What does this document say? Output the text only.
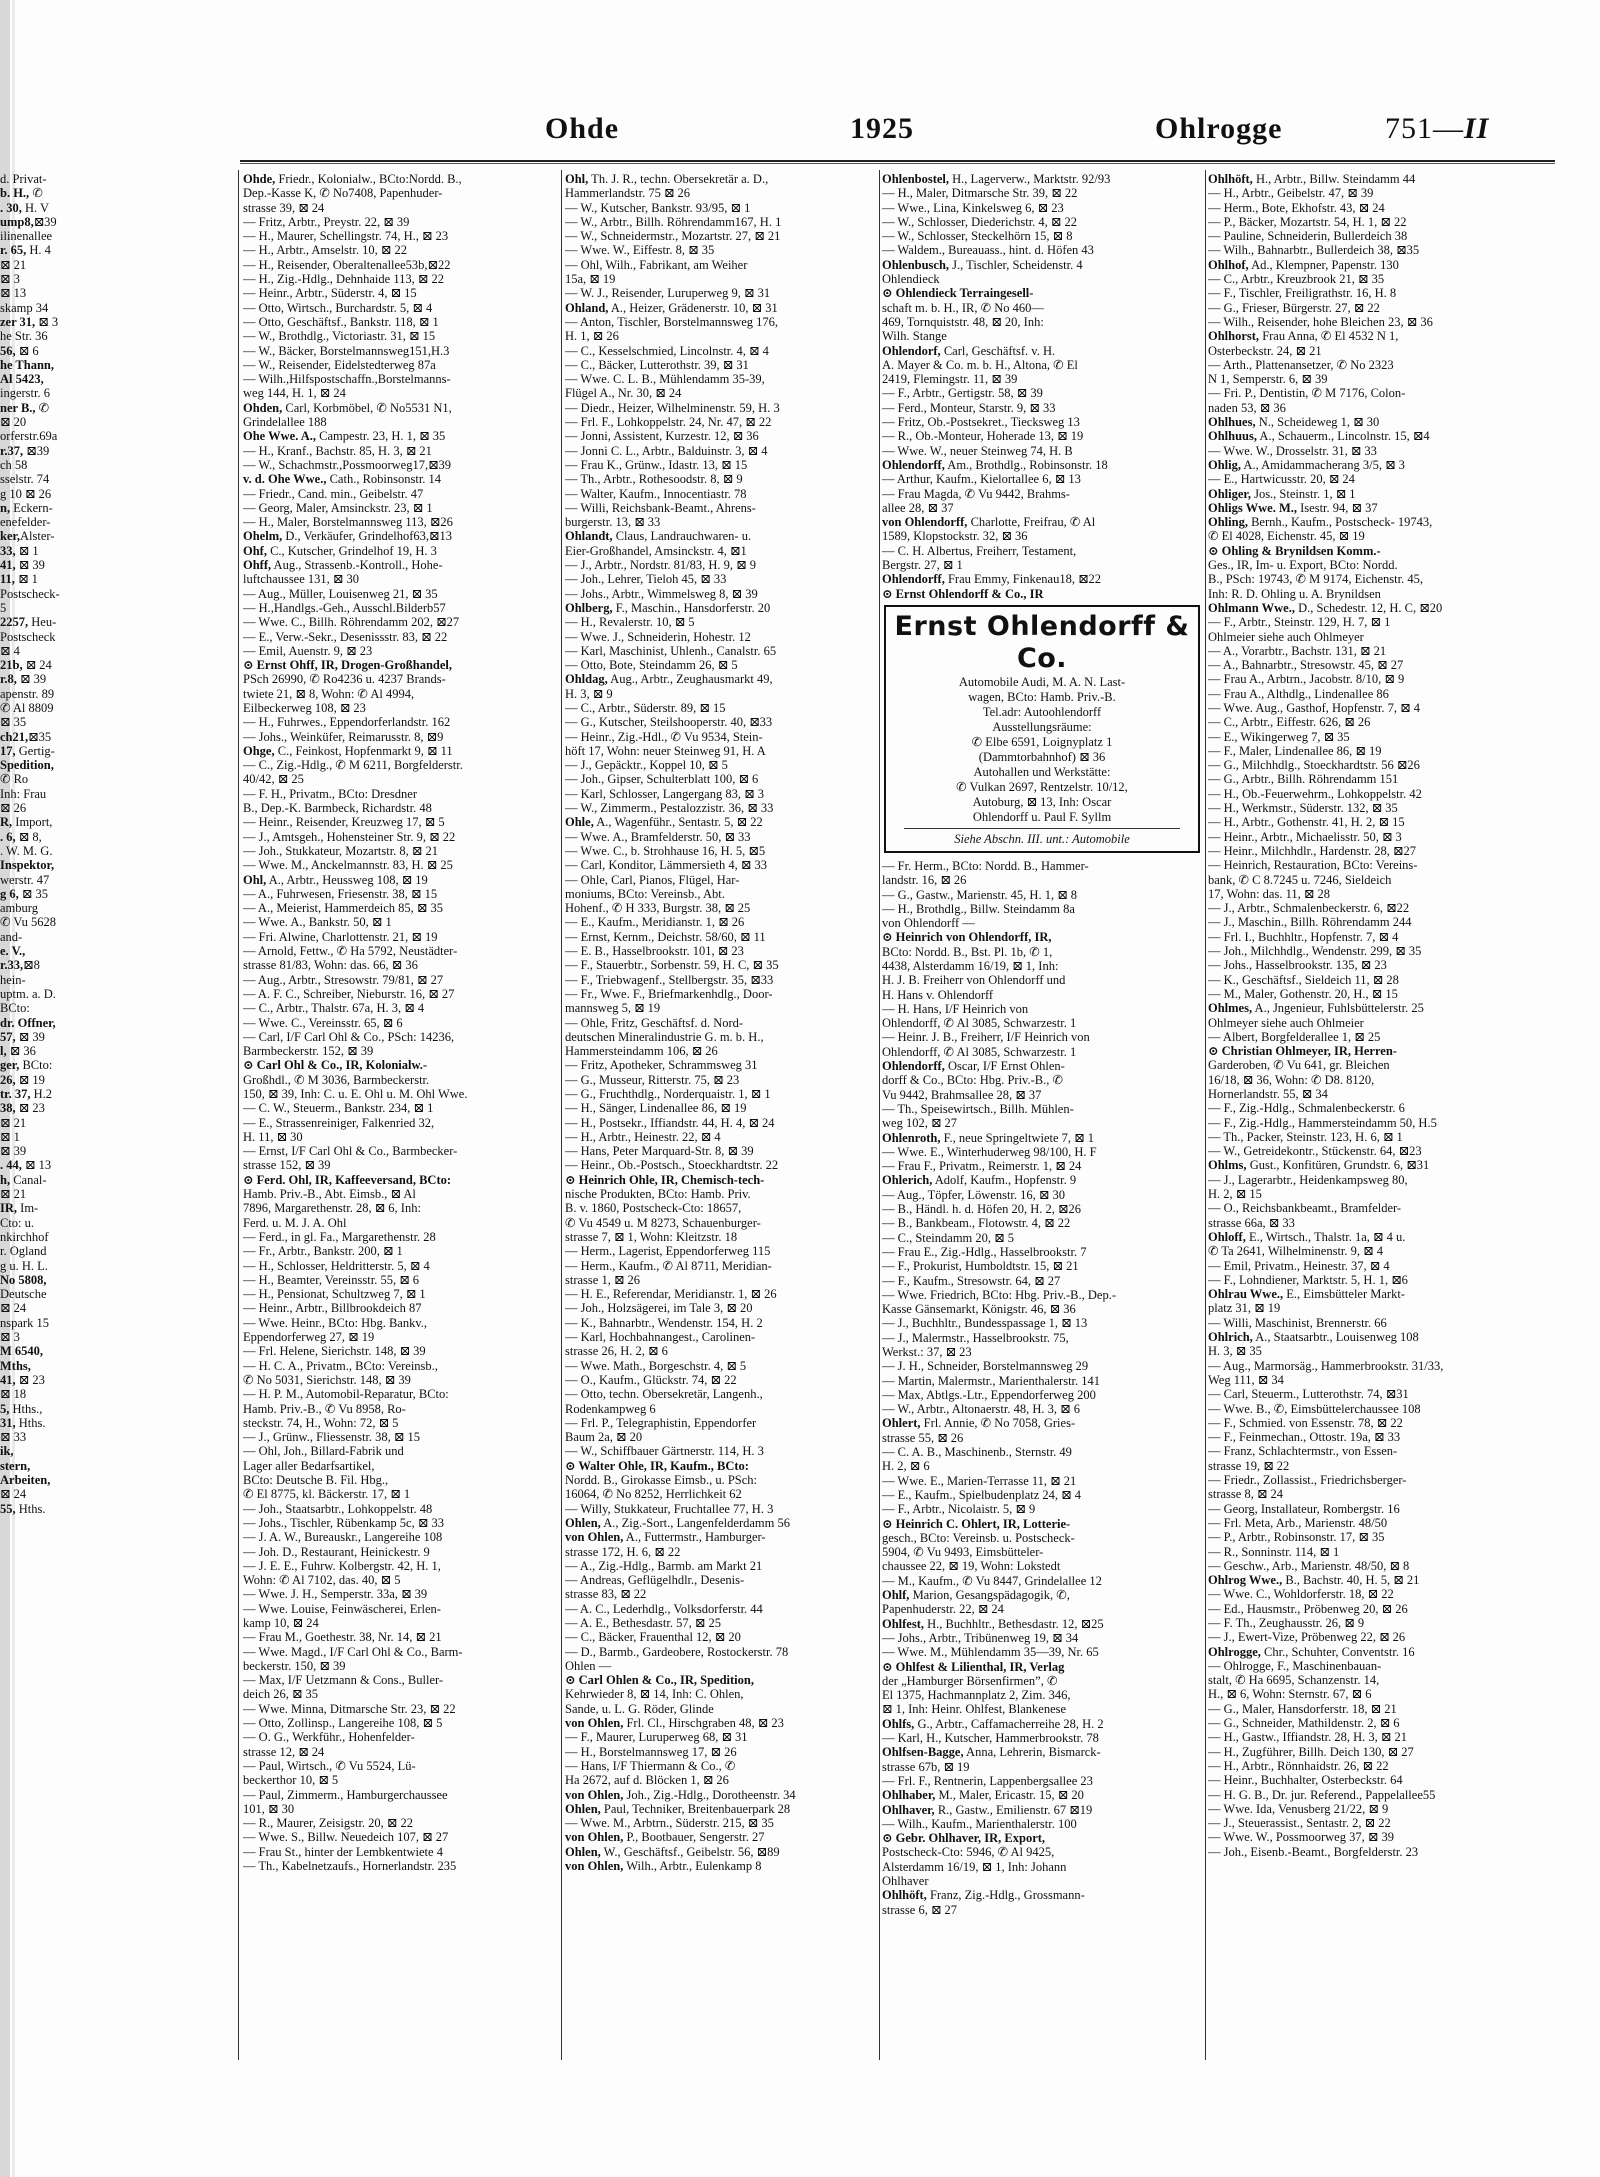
Ohde	1925	Ohlrogge	751—II
d. Privat-
b. H., ✆
. 30, H. V
ump8,⊠39
ilinenallee
r. 65, H. 4
⊠ 21
⊠ 3
⊠ 13
skamp 34
zer 31, ⊠ 3
he Str. 36
56, ⊠ 6
he Thann,
Al 5423,
ingerstr. 6
ner B., ✆
⊠ 20
orferstr.69a
r.37, ⊠39
ch 58
sselstr. 74
g 10 ⊠ 26
n, Eckern-
enefelder-
ker,Alster-
33, ⊠ 1
41, ⊠ 39
11, ⊠ 1
Postscheck-
5
2257, Heu-
Postscheck
⊠ 4
21b, ⊠ 24
r.8, ⊠ 39
apenstr. 89
✆ Al 8809
⊠ 35
ch21,⊠35
17, Gertig-
Spedition,
✆ Ro
Inh: Frau
⊠ 26
R, Import,
. 6, ⊠ 8,
. W. M. G.
Inspektor,
werstr. 47
g 6, ⊠ 35
amburg
✆ Vu 5628
and-
e. V.,
r.33,⊠8
hein-
uptm. a. D.
BCto:
dr. Offner,
57, ⊠ 39
l, ⊠ 36
ger, BCto:
26, ⊠ 19
tr. 37, H.2
38, ⊠ 23
⊠ 21
⊠ 1
⊠ 39
. 44, ⊠ 13
h, Canal-
⊠ 21
IR, Im-
Cto: u.
nkirchhof
r. Ogland
g u. H. L.
No 5808,
Deutsche
⊠ 24
nspark 15
⊠ 3
M 6540,
Mths,
41, ⊠ 23
⊠ 18
5, Hths.,
31, Hths.
⊠ 33
ik,
stern,
Arbeiten,
⊠ 24
55, Hths.
Ohde, Friedr., Kolonialw., BCto:Nordd. B.,
Dep.-Kasse K, ✆ No7408, Papenhuder-
strasse 39, ⊠ 24
— Fritz, Arbtr., Preystr. 22, ⊠ 39
— H., Maurer, Schellingstr. 74, H., ⊠ 23
— H., Arbtr., Amselstr. 10, ⊠ 22
— H., Reisender, Oberaltenallee53b,⊠22
— H., Zig.-Hdlg., Dehnhaide 113, ⊠ 22
— Heinr., Arbtr., Süderstr. 4, ⊠ 15
— Otto, Wirtsch., Burchardstr. 5, ⊠ 4
— Otto, Geschäftsf., Bankstr. 118, ⊠ 1
— W., Brothdlg., Victoriastr. 31, ⊠ 15
— W., Bäcker, Borstelmannsweg151,H.3
— W., Reisender, Eidelstedterweg 87a
— Wilh.,Hilfspostschaffn.,Borstelmanns-
weg 144, H. 1, ⊠ 24
Ohden, Carl, Korbmöbel, ✆ No5531 N1,
Grindelallee 188
Ohe Wwe. A., Campestr. 23, H. 1, ⊠ 35
— H., Kranf., Bachstr. 85, H. 3, ⊠ 21
— W., Schachmstr.,Possmoorweg17,⊠39
v. d. Ohe Wwe., Cath., Robinsonstr. 14
— Friedr., Cand. min., Geibelstr. 47
— Georg, Maler, Amsinckstr. 23, ⊠ 1
— H., Maler, Borstelmannsweg 113, ⊠26
Ohelm, D., Verkäufer, Grindelhof63,⊠13
Ohf, C., Kutscher, Grindelhof 19, H. 3
Ohff, Aug., Strassenb.-Kontroll., Hohe-
luftchaussee 131, ⊠ 30
— Aug., Müller, Louisenweg 21, ⊠ 35
— H.,Handlgs.-Geh., Ausschl.Bilderb57
— Wwe. C., Billh. Röhrendamm 202, ⊠27
— E., Verw.-Sekr., Desenissstr. 83, ⊠ 22
— Emil, Auenstr. 9, ⊠ 23
⊙ Ernst Ohff, IR, Drogen-Großhandel,
PSch 26990, ✆ Ro4236 u. 4237 Brands-
twiete 21, ⊠ 8, Wohn: ✆ Al 4994,
Eilbeckerweg 108, ⊠ 23
— H., Fuhrwes., Eppendorferlandstr. 162
— Johs., Weinküfer, Reimarusstr. 8, ⊠9
Ohge, C., Feinkost, Hopfenmarkt 9, ⊠ 11
— C., Zig.-Hdlg., ✆ M 6211, Borgfelderstr.
40/42, ⊠ 25
— F. H., Privatm., BCto: Dresdner
B., Dep.-K. Barmbeck, Richardstr. 48
— Heinr., Reisender, Kreuzweg 17, ⊠ 5
— J., Amtsgeh., Hohensteiner Str. 9, ⊠ 22
— Joh., Stukkateur, Mozartstr. 8, ⊠ 21
— Wwe. M., Anckelmannstr. 83, H. ⊠ 25
Ohl, A., Arbtr., Heussweg 108, ⊠ 19
— A., Fuhrwesen, Friesenstr. 38, ⊠ 15
— A., Meierist, Hammerdeich 85, ⊠ 35
— Wwe. A., Bankstr. 50, ⊠ 1
— Fri. Alwine, Charlottenstr. 21, ⊠ 19
— Arnold, Fettw., ✆ Ha 5792, Neustädter-
strasse 81/83, Wohn: das. 66, ⊠ 36
— Aug., Arbtr., Stresowstr. 79/81, ⊠ 27
— A. F. C., Schreiber, Nieburstr. 16, ⊠ 27
— C., Arbtr., Thalstr. 67a, H. 3, ⊠ 4
— Wwe. C., Vereinsstr. 65, ⊠ 6
— Carl, I/F Carl Ohl & Co., PSch: 14236,
Barmbeckerstr. 152, ⊠ 39
⊙ Carl Ohl & Co., IR, Kolonialw.-
Großhdl., ✆ M 3036, Barmbeckerstr.
150, ⊠ 39, Inh: C. u. E. Ohl u. M. Ohl Wwe.
— C. W., Steuerm., Bankstr. 234, ⊠ 1
— E., Strassenreiniger, Falkenried 32,
H. 11, ⊠ 30
— Ernst, I/F Carl Ohl & Co., Barmbecker-
strasse 152, ⊠ 39
⊙ Ferd. Ohl, IR, Kaffeeversand, BCto:
Hamb. Priv.-B., Abt. Eimsb., ⊠ Al
7896, Margarethenstr. 28, ⊠ 6, Inh:
Ferd. u. M. J. A. Ohl
— Ferd., in gl. Fa., Margarethenstr. 28
— Fr., Arbtr., Bankstr. 200, ⊠ 1
— H., Schlosser, Heldritterstr. 5, ⊠ 4
— H., Beamter, Vereinsstr. 55, ⊠ 6
— H., Pensionat, Schultzweg 7, ⊠ 1
— Heinr., Arbtr., Billbrookdeich 87
— Wwe. Heinr., BCto: Hbg. Bankv.,
Eppendorferweg 27, ⊠ 19
— Frl. Helene, Sierichstr. 148, ⊠ 39
— H. C. A., Privatm., BCto: Vereinsb.,
✆ No 5031, Sierichstr. 148, ⊠ 39
— H. P. M., Automobil-Reparatur, BCto:
Hamb. Priv.-B., ✆ Vu 8958, Ro-
steckstr. 74, H., Wohn: 72, ⊠ 5
— J., Grünw., Fliessenstr. 38, ⊠ 15
— Ohl, Joh., Billard-Fabrik und
Lager aller Bedarfsartikel,
BCto: Deutsche B. Fil. Hbg.,
✆ El 8775, kl. Bäckerstr. 17, ⊠ 1
— Joh., Staatsarbtr., Lohkoppelstr. 48
— Johs., Tischler, Rübenkamp 5c, ⊠ 33
— J. A. W., Bureauskr., Langereihe 108
— Joh. D., Restaurant, Heinickestr. 9
— J. E. E., Fuhrw. Kolbergstr. 42, H. 1,
Wohn: ✆ Al 7102, das. 40, ⊠ 5
— Wwe. J. H., Semperstr. 33a, ⊠ 39
— Wwe. Louise, Feinwäscherei, Erlen-
kamp 10, ⊠ 24
— Frau M., Goethestr. 38, Nr. 14, ⊠ 21
— Wwe. Magd., I/F Carl Ohl & Co., Barm-
beckerstr. 150, ⊠ 39
— Max, I/F Uetzmann & Cons., Buller-
deich 26, ⊠ 35
— Wwe. Minna, Ditmarsche Str. 23, ⊠ 22
— Otto, Zollinsp., Langereihe 108, ⊠ 5
— O. G., Werkführ., Hohenfelder-
strasse 12, ⊠ 24
— Paul, Wirtsch., ✆ Vu 5524, Lü-
beckerthor 10, ⊠ 5
— Paul, Zimmerm., Hamburgerchaussee
101, ⊠ 30
— R., Maurer, Zeisigstr. 20, ⊠ 22
— Wwe. S., Billw. Neuedeich 107, ⊠ 27
— Frau St., hinter der Lembkentwiete 4
— Th., Kabelnetzaufs., Hornerlandstr. 235
Ohl, Th. J. R., techn. Obersekretär a. D.,
Hammerlandstr. 75 ⊠ 26
— W., Kutscher, Bankstr. 93/95, ⊠ 1
— W., Arbtr., Billh. Röhrendamm167, H. 1
— W., Schneidermstr., Mozartstr. 27, ⊠ 21
— Wwe. W., Eiffestr. 8, ⊠ 35
— Ohl, Wilh., Fabrikant, am Weiher
15a, ⊠ 19
— W. J., Reisender, Luruperweg 9, ⊠ 31
Ohland, A., Heizer, Grädenerstr. 10, ⊠ 31
— Anton, Tischler, Borstelmannsweg 176,
H. 1, ⊠ 26
— C., Kesselschmied, Lincolnstr. 4, ⊠ 4
— C., Bäcker, Lutterothstr. 39, ⊠ 31
— Wwe. C. L. B., Mühlendamm 35-39,
Flügel A., Nr. 30, ⊠ 24
— Diedr., Heizer, Wilhelminenstr. 59, H. 3
— Frl. F., Lohkoppelstr. 24, Nr. 47, ⊠ 22
— Jonni, Assistent, Kurzestr. 12, ⊠ 36
— Jonni C. L., Arbtr., Balduinstr. 3, ⊠ 4
— Frau K., Grünw., Idastr. 13, ⊠ 15
— Th., Arbtr., Rothesoodstr. 8, ⊠ 9
— Walter, Kaufm., Innocentiastr. 78
— Willi, Reichsbank-Beamt., Ahrens-
burgerstr. 13, ⊠ 33
Ohlandt, Claus, Landrauchwaren- u.
Eier-Großhandel, Amsinckstr. 4, ⊠1
— J., Arbtr., Nordstr. 81/83, H. 9, ⊠ 9
— Joh., Lehrer, Tieloh 45, ⊠ 33
— Johs., Arbtr., Wimmelsweg 8, ⊠ 39
Ohlberg, F., Maschin., Hansdorferstr. 20
— H., Revalerstr. 10, ⊠ 5
— Wwe. J., Schneiderin, Hohestr. 12
— Karl, Maschinist, Uhlenh., Canalstr. 65
— Otto, Bote, Steindamm 26, ⊠ 5
Ohldag, Aug., Arbtr., Zeughausmarkt 49,
H. 3, ⊠ 9
— C., Arbtr., Süderstr. 89, ⊠ 15
— G., Kutscher, Steilshooperstr. 40, ⊠33
— Heinr., Zig.-Hdl., ✆ Vu 9534, Stein-
höft 17, Wohn: neuer Steinweg 91, H. A
— J., Gepäcktr., Koppel 10, ⊠ 5
— Joh., Gipser, Schulterblatt 100, ⊠ 6
— Karl, Schlosser, Langergang 83, ⊠ 3
— W., Zimmerm., Pestalozzistr. 36, ⊠ 33
Ohle, A., Wagenführ., Sentastr. 5, ⊠ 22
— Wwe. A., Bramfelderstr. 50, ⊠ 33
— Wwe. C., b. Strohhause 16, H. 5, ⊠5
— Carl, Konditor, Lämmersieth 4, ⊠ 33
— Ohle, Carl, Pianos, Flügel, Har-
moniums, BCto: Vereinsb., Abt.
Hohenf., ✆ H 333, Burgstr. 38, ⊠ 25
— E., Kaufm., Meridianstr. 1, ⊠ 26
— Ernst, Kernm., Deichstr. 58/60, ⊠ 11
— E. B., Hasselbrookstr. 101, ⊠ 23
— F., Stauerbtr., Sorbenstr. 59, H. C, ⊠ 35
— F., Triebwagenf., Stellbergstr. 35, ⊠33
— Fr., Wwe. F., Briefmarkenhdlg., Door-
mannsweg 5, ⊠ 19
— Ohle, Fritz, Geschäftsf. d. Nord-
deutschen Mineralindustrie G. m. b. H.,
Hammersteindamm 106, ⊠ 26
— Fritz, Apotheker, Schrammsweg 31
— G., Musseur, Ritterstr. 75, ⊠ 23
— G., Fruchthdlg., Norderquaistr. 1, ⊠ 1
— H., Sänger, Lindenallee 86, ⊠ 19
— H., Postsekr., Iffiandstr. 44, H. 4, ⊠ 24
— H., Arbtr., Heinestr. 22, ⊠ 4
— Hans, Peter Marquard-Str. 8, ⊠ 39
— Heinr., Ob.-Postsch., Stoeckhardtstr. 22
⊙ Heinrich Ohle, IR, Chemisch-tech-
nische Produkten, BCto: Hamb. Priv.
B. v. 1860, Postscheck-Cto: 18657,
✆ Vu 4549 u. M 8273, Schauenburger-
strasse 7, ⊠ 1, Wohn: Kleitzstr. 18
— Herm., Lagerist, Eppendorferweg 115
— Herm., Kaufm., ✆ Al 8711, Meridian-
strasse 1, ⊠ 26
— H. E., Referendar, Meridianstr. 1, ⊠ 26
— Joh., Holzsägerei, im Tale 3, ⊠ 20
— K., Bahnarbtr., Wendenstr. 154, H. 2
— Karl, Hochbahnangest., Carolinen-
strasse 26, H. 2, ⊠ 6
— Wwe. Math., Borgeschstr. 4, ⊠ 5
— O., Kaufm., Glückstr. 74, ⊠ 22
— Otto, techn. Obersekretär, Langenh.,
Rodenkampweg 6
— Frl. P., Telegraphistin, Eppendorfer
Baum 2a, ⊠ 20
— W., Schiffbauer Gärtnerstr. 114, H. 3
⊙ Walter Ohle, IR, Kaufm., BCto:
Nordd. B., Girokasse Eimsb., u. PSch:
16064, ✆ No 8252, Herrlichkeit 62
— Willy, Stukkateur, Fruchtallee 77, H. 3
Ohlen, A., Zig.-Sort., Langenfelderdamm 56
von Ohlen, A., Futtermstr., Hamburger-
strasse 172, H. 6, ⊠ 22
— A., Zig.-Hdlg., Barmb. am Markt 21
— Andreas, Geflügelhdlr., Desenis-
strasse 83, ⊠ 22
— A. C., Lederhdlg., Volksdorferstr. 44
— A. E., Bethesdastr. 57, ⊠ 25
— C., Bäcker, Frauenthal 12, ⊠ 20
— D., Barmb., Gardeobere, Rostockerstr. 78
Ohlen —
⊙ Carl Ohlen & Co., IR, Spedition,
Kehrwieder 8, ⊠ 14, Inh: C. Ohlen,
Sande, u. L. G. Röder, Glinde
von Ohlen, Frl. Cl., Hirschgraben 48, ⊠ 23
— F., Maurer, Luruperweg 68, ⊠ 31
— H., Borstelmannsweg 17, ⊠ 26
— Hans, I/F Thiermann & Co., ✆
Ha 2672, auf d. Blöcken 1, ⊠ 26
von Ohlen, Joh., Zig.-Hdlg., Dorotheenstr. 34
Ohlen, Paul, Techniker, Breitenbauerpark 28
— Wwe. M., Arbtrn., Süderstr. 215, ⊠ 35
von Ohlen, P., Bootbauer, Sengerstr. 27
Ohlen, W., Geschäftsf., Geibelstr. 56, ⊠89
von Ohlen, Wilh., Arbtr., Eulenkamp 8
Ohlenbostel, H., Lagerverw., Marktstr. 92/93
— H., Maler, Ditmarsche Str. 39, ⊠ 22
— Wwe., Lina, Kinkelsweg 6, ⊠ 23
— W., Schlosser, Diederichstr. 4, ⊠ 22
— W., Schlosser, Steckelhörn 15, ⊠ 8
— Waldem., Bureauass., hint. d. Höfen 43
Ohlenbusch, J., Tischler, Scheidenstr. 4
Ohlendieck
⊙ Ohlendieck Terraingesell-
schaft m. b. H., IR, ✆ No 460—
469, Tornquiststr. 48, ⊠ 20, Inh:
Wilh. Stange
Ohlendorf, Carl, Geschäftsf. v. H.
A. Mayer & Co. m. b. H., Altona, ✆ El
2419, Flemingstr. 11, ⊠ 39
— F., Arbtr., Gertigstr. 58, ⊠ 39
— Ferd., Monteur, Starstr. 9, ⊠ 33
— Fritz, Ob.-Postsekret., Tiecksweg 13
— R., Ob.-Monteur, Hoherade 13, ⊠ 19
— Wwe. W., neuer Steinweg 74, H. B
Ohlendorff, Am., Brothdlg., Robinsonstr. 18
— Arthur, Kaufm., Kielortallee 6, ⊠ 13
— Frau Magda, ✆ Vu 9442, Brahms-
allee 28, ⊠ 37
von Ohlendorff, Charlotte, Freifrau, ✆ Al
1589, Klopstockstr. 32, ⊠ 36
— C. H. Albertus, Freiherr, Testament,
Bergstr. 27, ⊠ 1
Ohlendorff, Frau Emmy, Finkenau18, ⊠22
⊙ Ernst Ohlendorff & Co., IR
Ernst Ohlendorff & Co.
Automobile Audi, M. A. N. Last-
wagen, BCto: Hamb. Priv.-B.
Tel.adr: Autoohlendorff
Ausstellungsräume:
✆ Elbe 6591, Loignyplatz 1
(Dammtorbahnhof) ⊠ 36
Autohallen und Werkstätte:
✆ Vulkan 2697, Rentzelstr. 10/12,
Autoburg, ⊠ 13, Inh: Oscar
Ohlendorff u. Paul F. Syllm
Siehe Abschn. III. unt.: Automobile
— Fr. Herm., BCto: Nordd. B., Hammer-
landstr. 16, ⊠ 26
— G., Gastw., Marienstr. 45, H. 1, ⊠ 8
— H., Brothdlg., Billw. Steindamm 8a
von Ohlendorff —
⊙ Heinrich von Ohlendorff, IR,
BCto: Nordd. B., Bst. Pl. 1b, ✆ 1,
4438, Alsterdamm 16/19, ⊠ 1, Inh:
H. J. B. Freiherr von Ohlendorff und
H. Hans v. Ohlendorff
— H. Hans, I/F Heinrich von
Ohlendorff, ✆ Al 3085, Schwarzestr. 1
— Heinr. J. B., Freiherr, I/F Heinrich von
Ohlendorff, ✆ Al 3085, Schwarzestr. 1
Ohlendorff, Oscar, I/F Ernst Ohlen-
dorff & Co., BCto: Hbg. Priv.-B., ✆
Vu 9442, Brahmsallee 28, ⊠ 37
— Th., Speisewirtsch., Billh. Mühlen-
weg 102, ⊠ 27
Ohlenroth, F., neue Springeltwiete 7, ⊠ 1
— Wwe. E., Winterhuderweg 98/100, H. F
— Frau F., Privatm., Reimerstr. 1, ⊠ 24
Ohlerich, Adolf, Kaufm., Hopfenstr. 9
— Aug., Töpfer, Löwenstr. 16, ⊠ 30
— B., Händl. h. d. Höfen 20, H. 2, ⊠26
— B., Bankbeam., Flotowstr. 4, ⊠ 22
— C., Steindamm 20, ⊠ 5
— Frau E., Zig.-Hdlg., Hasselbrookstr. 7
— F., Prokurist, Humboldtstr. 15, ⊠ 21
— F., Kaufm., Stresowstr. 64, ⊠ 27
— Wwe. Friedrich, BCto: Hbg. Priv.-B., Dep.-
Kasse Gänsemarkt, Königstr. 46, ⊠ 36
— J., Buchhltr., Bundesspassage 1, ⊠ 13
— J., Malermstr., Hasselbrookstr. 75,
Werkst.: 37, ⊠ 23
— J. H., Schneider, Borstelmannsweg 29
— Martin, Malermstr., Marienthalerstr. 141
— Max, Abtlgs.-Ltr., Eppendorferweg 200
— W., Arbtr., Altonaerstr. 48, H. 3, ⊠ 6
Ohlert, Frl. Annie, ✆ No 7058, Gries-
strasse 55, ⊠ 26
— C. A. B., Maschinenb., Sternstr. 49
H. 2, ⊠ 6
— Wwe. E., Marien-Terrasse 11, ⊠ 21
— E., Kaufm., Spielbudenplatz 24, ⊠ 4
— F., Arbtr., Nicolaistr. 5, ⊠ 9
⊙ Heinrich C. Ohlert, IR, Lotterie-
gesch., BCto: Vereinsb. u. Postscheck-
5904, ✆ Vu 9493, Eimsbütteler-
chaussee 22, ⊠ 19, Wohn: Lokstedt
— M., Kaufm., ✆ Vu 8447, Grindelallee 12
Ohlf, Marion, Gesangspädagogik, ✆,
Papenhuderstr. 22, ⊠ 24
Ohlfest, H., Buchhltr., Bethesdastr. 12, ⊠25
— Johs., Arbtr., Tribünenweg 19, ⊠ 34
— Wwe. M., Mühlendamm 35—39, Nr. 65
⊙ Ohlfest & Lilienthal, IR, Verlag
der „Hamburger Börsenfirmen”, ✆
El 1375, Hachmannplatz 2, Zim. 346,
⊠ 1, Inh: Heinr. Ohlfest, Blankenese
Ohlfs, G., Arbtr., Caffamacherreihe 28, H. 2
— Karl, H., Kutscher, Hammerbrookstr. 78
Ohlfsen-Bagge, Anna, Lehrerin, Bismarck-
strasse 67b, ⊠ 19
— Frl. F., Rentnerin, Lappenbergsallee 23
Ohlhaber, M., Maler, Ericastr. 15, ⊠ 20
Ohlhaver, R., Gastw., Emilienstr. 67 ⊠19
— Wilh., Kaufm., Marienthalerstr. 100
⊙ Gebr. Ohlhaver, IR, Export,
Postscheck-Cto: 5946, ✆ Al 9425,
Alsterdamm 16/19, ⊠ 1, Inh: Johann
Ohlhaver
Ohlhöft, Franz, Zig.-Hdlg., Grossmann-
strasse 6, ⊠ 27
Ohlhöft, H., Arbtr., Billw. Steindamm 44
— H., Arbtr., Geibelstr. 47, ⊠ 39
— Herm., Bote, Ekhofstr. 43, ⊠ 24
— P., Bäcker, Mozartstr. 54, H. 1, ⊠ 22
— Pauline, Schneiderin, Bullerdeich 38
— Wilh., Bahnarbtr., Bullerdeich 38, ⊠35
Ohlhof, Ad., Klempner, Papenstr. 130
— C., Arbtr., Kreuzbrook 21, ⊠ 35
— F., Tischler, Freiligrathstr. 16, H. 8
— G., Frieser, Bürgerstr. 27, ⊠ 22
— Wilh., Reisender, hohe Bleichen 23, ⊠ 36
Ohlhorst, Frau Anna, ✆ El 4532 N 1,
Osterbeckstr. 24, ⊠ 21
— Arth., Plattenansetzer, ✆ No 2323
N 1, Semperstr. 6, ⊠ 39
— Fri. P., Dentistin, ✆ M 7176, Colon-
naden 53, ⊠ 36
Ohlhues, N., Scheideweg 1, ⊠ 30
Ohlhuus, A., Schauerm., Lincolnstr. 15, ⊠4
— Wwe. W., Drosselstr. 31, ⊠ 33
Ohlig, A., Amidammacherang 3/5, ⊠ 3
— E., Hartwicusstr. 20, ⊠ 24
Ohliger, Jos., Steinstr. 1, ⊠ 1
Ohligs Wwe. M., Isestr. 94, ⊠ 37
Ohling, Bernh., Kaufm., Postscheck- 19743,
✆ El 4028, Eichenstr. 45, ⊠ 19
⊙ Ohling & Brynildsen Komm.-
Ges., IR, Im- u. Export, BCto: Nordd.
B., PSch: 19743, ✆ M 9174, Eichenstr. 45,
Inh: R. D. Ohling u. A. Brynildsen
Ohlmann Wwe., D., Schedestr. 12, H. C, ⊠20
— F., Arbtr., Steinstr. 129, H. 7, ⊠ 1
Ohlmeier siehe auch Ohlmeyer
— A., Vorarbtr., Bachstr. 131, ⊠ 21
— A., Bahnarbtr., Stresowstr. 45, ⊠ 27
— Frau A., Arbtrn., Jacobstr. 8/10, ⊠ 9
— Frau A., Althdlg., Lindenallee 86
— Wwe. Aug., Gasthof, Hopfenstr. 7, ⊠ 4
— C., Arbtr., Eiffestr. 626, ⊠ 26
— E., Wikingerweg 7, ⊠ 35
— F., Maler, Lindenallee 86, ⊠ 19
— G., Milchhdlg., Stoeckhardtstr. 56 ⊠26
— G., Arbtr., Billh. Röhrendamm 151
— H., Ob.-Feuerwehrm., Lohkoppelstr. 42
— H., Werkmstr., Süderstr. 132, ⊠ 35
— H., Arbtr., Gothenstr. 41, H. 2, ⊠ 15
— Heinr., Arbtr., Michaelisstr. 50, ⊠ 3
— Heinr., Milchhdlr., Hardenstr. 28, ⊠27
— Heinrich, Restauration, BCto: Vereins-
bank, ✆ C 8.7245 u. 7246, Sieldeich
17, Wohn: das. 11, ⊠ 28
— J., Arbtr., Schmalenbeckerstr. 6, ⊠22
— J., Maschin., Billh. Röhrendamm 244
— Frl. I., Buchhltr., Hopfenstr. 7, ⊠ 4
— Joh., Milchhdlg., Wendenstr. 299, ⊠ 35
— Johs., Hasselbrookstr. 135, ⊠ 23
— K., Geschäftsf., Sieldeich 11, ⊠ 28
— M., Maler, Gothenstr. 20, H., ⊠ 15
Ohlmes, A., Jngenieur, Fuhlsbüttelerstr. 25
Ohlmeyer siehe auch Ohlmeier
— Albert, Borgfelderallee 1, ⊠ 25
⊙ Christian Ohlmeyer, IR, Herren-
Garderoben, ✆ Vu 641, gr. Bleichen
16/18, ⊠ 36, Wohn: ✆ D8. 8120,
Hornerlandstr. 55, ⊠ 34
— F., Zig.-Hdlg., Schmalenbeckerstr. 6
— F., Zig.-Hdlg., Hammersteindamm 50, H.5
— Th., Packer, Steinstr. 123, H. 6, ⊠ 1
— W., Getreidekontr., Stückenstr. 64, ⊠23
Ohlms, Gust., Konfitüren, Grundstr. 6, ⊠31
— J., Lagerarbtr., Heidenkampsweg 80,
H. 2, ⊠ 15
— O., Reichsbankbeamt., Bramfelder-
strasse 66a, ⊠ 33
Ohloff, E., Wirtsch., Thalstr. 1a, ⊠ 4 u.
✆ Ta 2641, Wilhelminenstr. 9, ⊠ 4
— Emil, Privatm., Heinestr. 37, ⊠ 4
— F., Lohndiener, Marktstr. 5, H. 1, ⊠6
Ohlrau Wwe., E., Eimsbütteler Markt-
platz 31, ⊠ 19
— Willi, Maschinist, Brennerstr. 66
Ohlrich, A., Staatsarbtr., Louisenweg 108
H. 3, ⊠ 35
— Aug., Marmorsäg., Hammerbrookstr. 31/33,
Weg 111, ⊠ 34
— Carl, Steuerm., Lutterothstr. 74, ⊠31
— Wwe. B., ✆, Eimsbüttelerchaussee 108
— F., Schmied. von Essenstr. 78, ⊠ 22
— F., Feinmechan., Ottostr. 19a, ⊠ 33
— Franz, Schlachtermstr., von Essen-
strasse 19, ⊠ 22
— Friedr., Zollassist., Friedrichsberger-
strasse 8, ⊠ 24
— Georg, Installateur, Rombergstr. 16
— Frl. Meta, Arb., Marienstr. 48/50
— P., Arbtr., Robinsonstr. 17, ⊠ 35
— R., Sonninstr. 114, ⊠ 1
— Geschw., Arb., Marienstr. 48/50, ⊠ 8
Ohlrog Wwe., B., Bachstr. 40, H. 5, ⊠ 21
— Wwe. C., Wohldorferstr. 18, ⊠ 22
— Ed., Hausmstr., Pröbenweg 20, ⊠ 26
— F. Th., Zeughausstr. 26, ⊠ 9
— J., Ewert-Vize, Pröbenweg 22, ⊠ 26
Ohlrogge, Chr., Schuhter, Conventstr. 16
— Ohlrogge, F., Maschinenbauan-
stalt, ✆ Ha 6695, Schanzenstr. 14,
H., ⊠ 6, Wohn: Sternstr. 67, ⊠ 6
— G., Maler, Hansdorferstr. 18, ⊠ 21
— G., Schneider, Mathildenstr. 2, ⊠ 6
— H., Gastw., Iffiandstr. 28, H. 3, ⊠ 21
— H., Zugführer, Billh. Deich 130, ⊠ 27
— H., Arbtr., Rönnhaidstr. 26, ⊠ 22
— Heinr., Buchhalter, Osterbeckstr. 64
— H. G. B., Dr. jur. Referend., Pappelallee55
— Wwe. Ida, Venusberg 21/22, ⊠ 9
— J., Steuerassist., Sentastr. 2, ⊠ 22
— Wwe. W., Possmoorweg 37, ⊠ 39
— Joh., Eisenb.-Beamt., Borgfelderstr. 23
